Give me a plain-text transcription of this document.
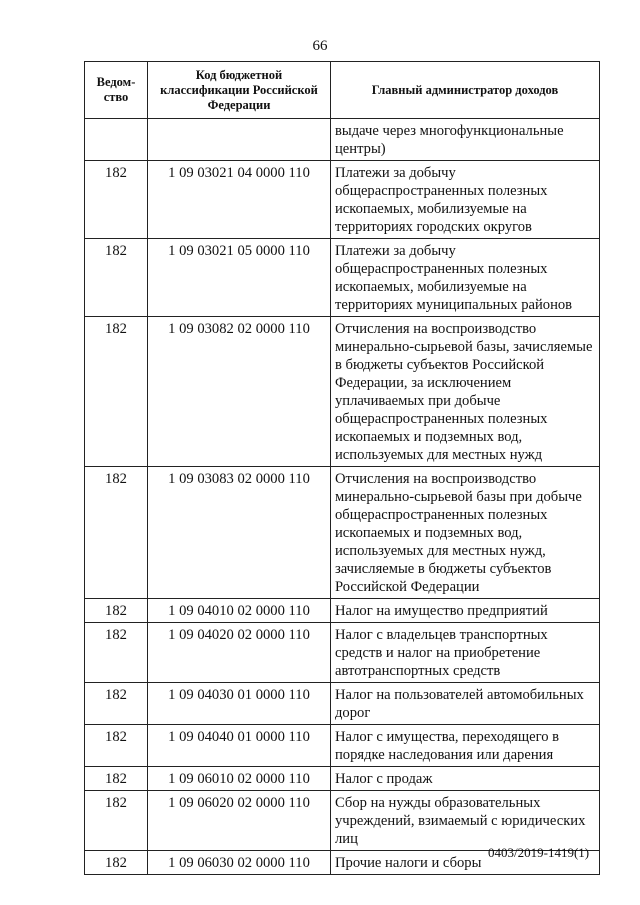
66
Ведом-
ство	Код бюджетной классификации Российской Федерации	Главный администратор доходов
		выдаче через многофункциональные центры)
182	1 09 03021 04 0000 110	Платежи за добычу общераспространенных полезных ископаемых, мобилизуемые на территориях городских округов
182	1 09 03021 05 0000 110	Платежи за добычу общераспространенных полезных ископаемых, мобилизуемые на территориях муниципальных районов
182	1 09 03082 02 0000 110	Отчисления на воспроизводство минерально-сырьевой базы, зачисляемые в бюджеты субъектов Российской Федерации, за исключением уплачиваемых при добыче общераспространенных полезных ископаемых и подземных вод, используемых для местных нужд
182	1 09 03083 02 0000 110	Отчисления на воспроизводство минерально-сырьевой базы при добыче общераспространенных полезных ископаемых и подземных вод, используемых для местных нужд, зачисляемые в бюджеты субъектов Российской Федерации
182	1 09 04010 02 0000 110	Налог на имущество предприятий
182	1 09 04020 02 0000 110	Налог с владельцев транспортных средств и налог на приобретение автотранспортных средств
182	1 09 04030 01 0000 110	Налог на пользователей автомобильных дорог
182	1 09 04040 01 0000 110	Налог с имущества, переходящего в порядке наследования или дарения
182	1 09 06010 02 0000 110	Налог с продаж
182	1 09 06020 02 0000 110	Сбор на нужды образовательных учреждений, взимаемый с юридических лиц
182	1 09 06030 02 0000 110	Прочие налоги и сборы
0403/2019-1419(1)
